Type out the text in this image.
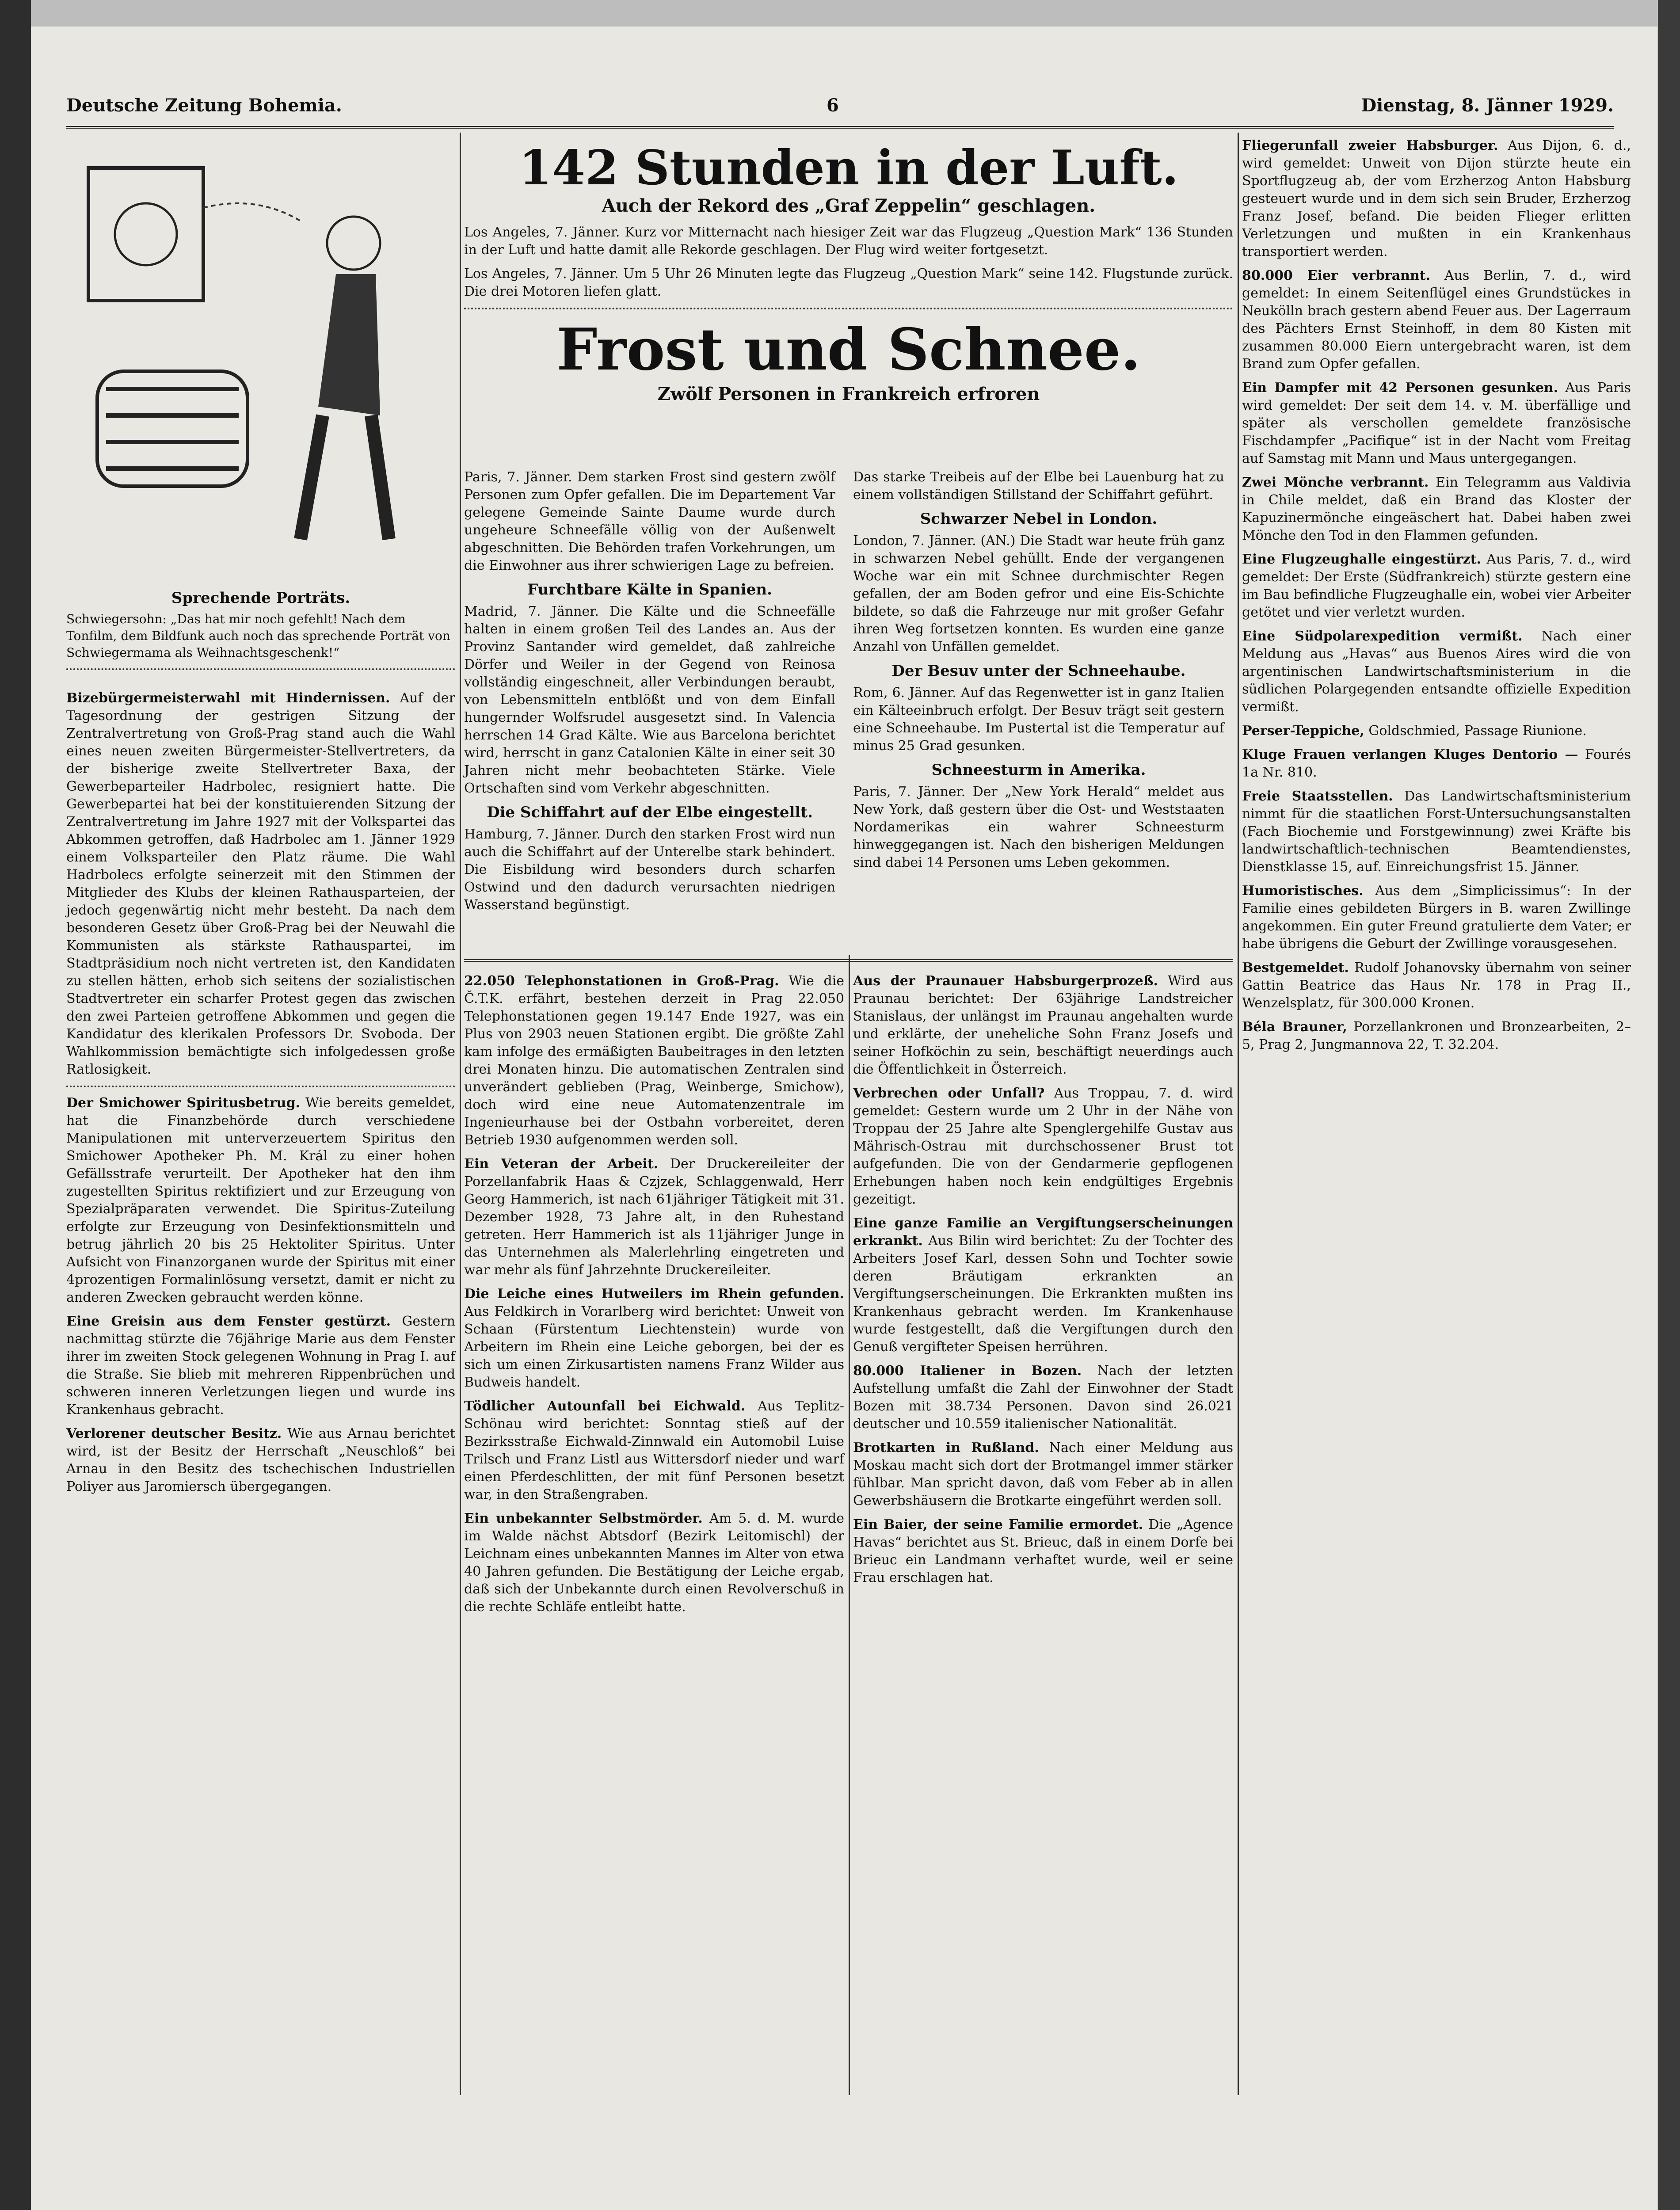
Deutsche Zeitung Bohemia.	6	Dienstag, 8. Jänner 1929.
Sprechende Porträts.

Schwiegersohn: „Das hat mir noch gefehlt! Nach dem Tonfilm, dem Bildfunk auch noch das sprechende Porträt von Schwiegermama als Weihnachtsgeschenk!“

Bizebürgermeisterwahl mit Hindernissen. Auf der Tagesordnung der gestrigen Sitzung der Zentralvertretung von Groß-Prag stand auch die Wahl eines neuen zweiten Bürgermeister-Stellvertreters, da der bisherige zweite Stellvertreter Baxa, der Gewerbeparteiler Hadrbolec, resigniert hatte. Die Gewerbepartei hat bei der konstituierenden Sitzung der Zentralvertretung im Jahre 1927 mit der Volkspartei das Abkommen getroffen, daß Hadrbolec am 1. Jänner 1929 einem Volksparteiler den Platz räume. Die Wahl Hadrbolecs erfolgte seinerzeit mit den Stimmen der Mitglieder des Klubs der kleinen Rathausparteien, der jedoch gegenwärtig nicht mehr besteht. Da nach dem besonderen Gesetz über Groß-Prag bei der Neuwahl die Kommunisten als stärkste Rathauspartei, im Stadtpräsidium noch nicht vertreten ist, den Kandidaten zu stellen hätten, erhob sich seitens der sozialistischen Stadtvertreter ein scharfer Protest gegen das zwischen den zwei Parteien getroffene Abkommen und gegen die Kandidatur des klerikalen Professors Dr. Svoboda. Der Wahlkommission bemächtigte sich infolgedessen große Ratlosigkeit.

Der Smichower Spiritusbetrug. Wie bereits gemeldet, hat die Finanzbehörde durch verschiedene Manipulationen mit unterverzeuertem Spiritus den Smichower Apotheker Ph. M. Král zu einer hohen Gefällsstrafe verurteilt. Der Apotheker hat den ihm zugestellten Spiritus rektifiziert und zur Erzeugung von Spezialpräparaten verwendet. Die Spiritus-Zuteilung erfolgte zur Erzeugung von Desinfektionsmitteln und betrug jährlich 20 bis 25 Hektoliter Spiritus. Unter Aufsicht von Finanzorganen wurde der Spiritus mit einer 4prozentigen Formalinlösung versetzt, damit er nicht zu anderen Zwecken gebraucht werden könne.

Eine Greisin aus dem Fenster gestürzt. Gestern nachmittag stürzte die 76jährige Marie aus dem Fenster ihrer im zweiten Stock gelegenen Wohnung in Prag I. auf die Straße. Sie blieb mit mehreren Rippenbrüchen und schweren inneren Verletzungen liegen und wurde ins Krankenhaus gebracht.

Verlorener deutscher Besitz. Wie aus Arnau berichtet wird, ist der Besitz der Herrschaft „Neuschloß“ bei Arnau in den Besitz des tschechischen Industriellen Poliyer aus Jaromiersch übergegangen.

142 Stunden in der Luft.
Auch der Rekord des „Graf Zeppelin“ geschlagen.

Los Angeles, 7. Jänner. Kurz vor Mitternacht nach hiesiger Zeit war das Flugzeug „Question Mark“ 136 Stunden in der Luft und hatte damit alle Rekorde geschlagen. Der Flug wird weiter fortgesetzt.

Los Angeles, 7. Jänner. Um 5 Uhr 26 Minuten legte das Flugzeug „Question Mark“ seine 142. Flugstunde zurück. Die drei Motoren liefen glatt.

Frost und Schnee.
Zwölf Personen in Frankreich erfroren

Paris, 7. Jänner. Dem starken Frost sind gestern zwölf Personen zum Opfer gefallen. Die im Departement Var gelegene Gemeinde Sainte Daume wurde durch ungeheure Schneefälle völlig von der Außenwelt abgeschnitten. Die Behörden trafen Vorkehrungen, um die Einwohner aus ihrer schwierigen Lage zu befreien.

Furchtbare Kälte in Spanien.

Madrid, 7. Jänner. Die Kälte und die Schneefälle halten in einem großen Teil des Landes an. Aus der Provinz Santander wird gemeldet, daß zahlreiche Dörfer und Weiler in der Gegend von Reinosa vollständig eingeschneit, aller Verbindungen beraubt, von Lebensmitteln entblößt und von dem Einfall hungernder Wolfsrudel ausgesetzt sind. In Valencia herrschen 14 Grad Kälte. Wie aus Barcelona berichtet wird, herrscht in ganz Catalonien Kälte in einer seit 30 Jahren nicht mehr beobachteten Stärke. Viele Ortschaften sind vom Verkehr abgeschnitten.

Die Schiffahrt auf der Elbe eingestellt.

Hamburg, 7. Jänner. Durch den starken Frost wird nun auch die Schiffahrt auf der Unterelbe stark behindert. Die Eisbildung wird besonders durch scharfen Ostwind und den dadurch verursachten niedrigen Wasserstand begünstigt.

Das starke Treibeis auf der Elbe bei Lauenburg hat zu einem vollständigen Stillstand der Schiffahrt geführt.

Schwarzer Nebel in London.

London, 7. Jänner. (AN.) Die Stadt war heute früh ganz in schwarzen Nebel gehüllt. Ende der vergangenen Woche war ein mit Schnee durchmischter Regen gefallen, der am Boden gefror und eine Eis-Schichte bildete, so daß die Fahrzeuge nur mit großer Gefahr ihren Weg fortsetzen konnten. Es wurden eine ganze Anzahl von Unfällen gemeldet.

Der Besuv unter der Schneehaube.

Rom, 6. Jänner. Auf das Regenwetter ist in ganz Italien ein Kälteeinbruch erfolgt. Der Besuv trägt seit gestern eine Schneehaube. Im Pustertal ist die Temperatur auf minus 25 Grad gesunken.

Schneesturm in Amerika.

Paris, 7. Jänner. Der „New York Herald“ meldet aus New York, daß gestern über die Ost- und Weststaaten Nordamerikas ein wahrer Schneesturm hinweggegangen ist. Nach den bisherigen Meldungen sind dabei 14 Personen ums Leben gekommen.

22.050 Telephonstationen in Groß-Prag. Wie die Č.T.K. erfährt, bestehen derzeit in Prag 22.050 Telephonstationen gegen 19.147 Ende 1927, was ein Plus von 2903 neuen Stationen ergibt. Die größte Zahl kam infolge des ermäßigten Baubeitrages in den letzten drei Monaten hinzu. Die automatischen Zentralen sind unverändert geblieben (Prag, Weinberge, Smichow), doch wird eine neue Automatenzentrale im Ingenieurhause bei der Ostbahn vorbereitet, deren Betrieb 1930 aufgenommen werden soll.

Ein Veteran der Arbeit. Der Druckereileiter der Porzellanfabrik Haas & Czjzek, Schlaggenwald, Herr Georg Hammerich, ist nach 61jähriger Tätigkeit mit 31. Dezember 1928, 73 Jahre alt, in den Ruhestand getreten. Herr Hammerich ist als 11jähriger Junge in das Unternehmen als Malerlehrling eingetreten und war mehr als fünf Jahrzehnte Druckereileiter.

Die Leiche eines Hutweilers im Rhein gefunden. Aus Feldkirch in Vorarlberg wird berichtet: Unweit von Schaan (Fürstentum Liechtenstein) wurde von Arbeitern im Rhein eine Leiche geborgen, bei der es sich um einen Zirkusartisten namens Franz Wilder aus Budweis handelt.

Tödlicher Autounfall bei Eichwald. Aus Teplitz-Schönau wird berichtet: Sonntag stieß auf der Bezirksstraße Eichwald-Zinnwald ein Automobil Luise Trilsch und Franz Listl aus Wittersdorf nieder und warf einen Pferdeschlitten, der mit fünf Personen besetzt war, in den Straßengraben.

Ein unbekannter Selbstmörder. Am 5. d. M. wurde im Walde nächst Abtsdorf (Bezirk Leitomischl) der Leichnam eines unbekannten Mannes im Alter von etwa 40 Jahren gefunden. Die Bestätigung der Leiche ergab, daß sich der Unbekannte durch einen Revolverschuß in die rechte Schläfe entleibt hatte.

Aus der Praunauer Habsburgerprozeß. Wird aus Praunau berichtet: Der 63jährige Landstreicher Stanislaus, der unlängst im Praunau angehalten wurde und erklärte, der uneheliche Sohn Franz Josefs und seiner Hofköchin zu sein, beschäftigt neuerdings auch die Öffentlichkeit in Österreich.

Verbrechen oder Unfall? Aus Troppau, 7. d. wird gemeldet: Gestern wurde um 2 Uhr in der Nähe von Troppau der 25 Jahre alte Spenglergehilfe Gustav aus Mährisch-Ostrau mit durchschossener Brust tot aufgefunden. Die von der Gendarmerie gepflogenen Erhebungen haben noch kein endgültiges Ergebnis gezeitigt.

Eine ganze Familie an Vergiftungserscheinungen erkrankt. Aus Bilin wird berichtet: Zu der Tochter des Arbeiters Josef Karl, dessen Sohn und Tochter sowie deren Bräutigam erkrankten an Vergiftungserscheinungen. Die Erkrankten mußten ins Krankenhaus gebracht werden. Im Krankenhause wurde festgestellt, daß die Vergiftungen durch den Genuß vergifteter Speisen herrühren.

80.000 Italiener in Bozen. Nach der letzten Aufstellung umfaßt die Zahl der Einwohner der Stadt Bozen mit 38.734 Personen. Davon sind 26.021 deutscher und 10.559 italienischer Nationalität.

Brotkarten in Rußland. Nach einer Meldung aus Moskau macht sich dort der Brotmangel immer stärker fühlbar. Man spricht davon, daß vom Feber ab in allen Gewerbshäusern die Brotkarte eingeführt werden soll.

Ein Baier, der seine Familie ermordet. Die „Agence Havas“ berichtet aus St. Brieuc, daß in einem Dorfe bei Brieuc ein Landmann verhaftet wurde, weil er seine Frau erschlagen hat.

Fliegerunfall zweier Habsburger. Aus Dijon, 6. d., wird gemeldet: Unweit von Dijon stürzte heute ein Sportflugzeug ab, der vom Erzherzog Anton Habsburg gesteuert wurde und in dem sich sein Bruder, Erzherzog Franz Josef, befand. Die beiden Flieger erlitten Verletzungen und mußten in ein Krankenhaus transportiert werden.

80.000 Eier verbrannt. Aus Berlin, 7. d., wird gemeldet: In einem Seitenflügel eines Grundstückes in Neukölln brach gestern abend Feuer aus. Der Lagerraum des Pächters Ernst Steinhoff, in dem 80 Kisten mit zusammen 80.000 Eiern untergebracht waren, ist dem Brand zum Opfer gefallen.

Ein Dampfer mit 42 Personen gesunken. Aus Paris wird gemeldet: Der seit dem 14. v. M. überfällige und später als verschollen gemeldete französische Fischdampfer „Pacifique“ ist in der Nacht vom Freitag auf Samstag mit Mann und Maus untergegangen.

Zwei Mönche verbrannt. Ein Telegramm aus Valdivia in Chile meldet, daß ein Brand das Kloster der Kapuzinermönche eingeäschert hat. Dabei haben zwei Mönche den Tod in den Flammen gefunden.

Eine Flugzeughalle eingestürzt. Aus Paris, 7. d., wird gemeldet: Der Erste (Südfrankreich) stürzte gestern eine im Bau befindliche Flugzeughalle ein, wobei vier Arbeiter getötet und vier verletzt wurden.

Eine Südpolarexpedition vermißt. Nach einer Meldung aus „Havas“ aus Buenos Aires wird die von argentinischen Landwirtschaftsministerium in die südlichen Polargegenden entsandte offizielle Expedition vermißt.

Perser-Teppiche, Goldschmied, Passage Riunione.

Kluge Frauen verlangen Kluges Dentorio — Fourés 1a Nr. 810.

Freie Staatsstellen. Das Landwirtschaftsministerium nimmt für die staatlichen Forst-Untersuchungsanstalten (Fach Biochemie und Forstgewinnung) zwei Kräfte bis landwirtschaftlich-technischen Beamtendienstes, Dienstklasse 15, auf. Einreichungsfrist 15. Jänner.

Humoristisches. Aus dem „Simplicissimus“: In der Familie eines gebildeten Bürgers in B. waren Zwillinge angekommen. Ein guter Freund gratulierte dem Vater; er habe übrigens die Geburt der Zwillinge vorausgesehen.

Bestgemeldet. Rudolf Johanovsky übernahm von seiner Gattin Beatrice das Haus Nr. 178 in Prag II., Wenzelsplatz, für 300.000 Kronen.

Béla Brauner, Porzellankronen und Bronzearbeiten, 2–5, Prag 2, Jungmannova 22, T. 32.204.
